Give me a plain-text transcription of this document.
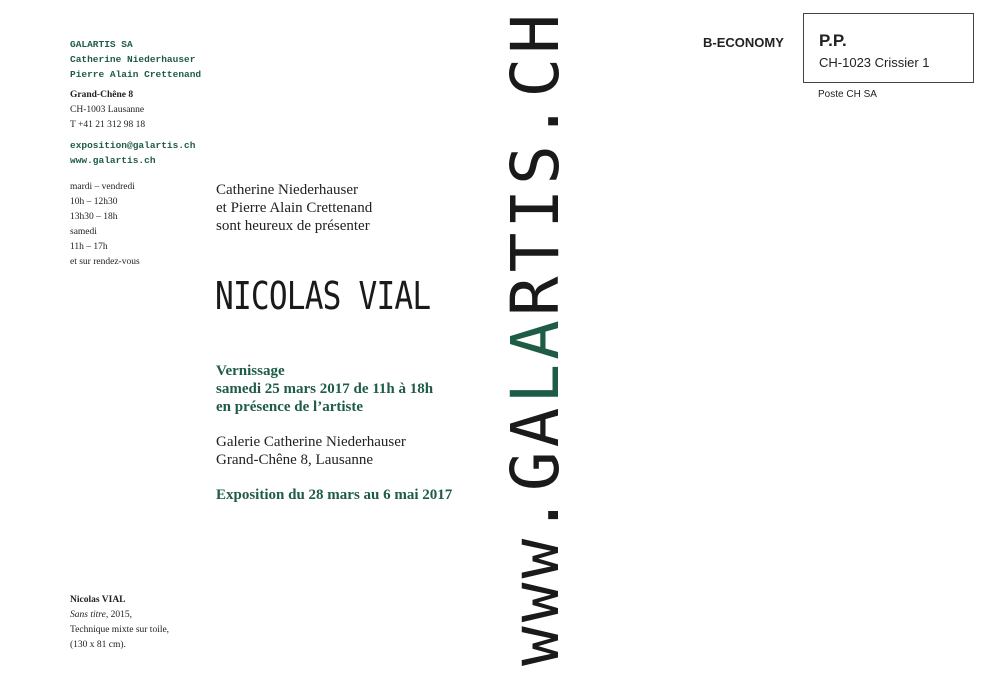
GALARTIS SA
Catherine Niederhauser
Pierre Alain Crettenand
Grand-Chêne 8
CH-1003 Lausanne
T +41 21 312 98 18
exposition@galartis.ch
www.galartis.ch
mardi – vendredi
10h – 12h30
13h30 – 18h
samedi
11h – 17h
et sur rendez-vous
Nicolas VIAL
Sans titre, 2015,
Technique mixte sur toile,
(130 x 81 cm).
Catherine Niederhauser
et Pierre Alain Crettenand
sont heureux de présenter
NICOLAS VIAL
Vernissage
samedi 25 mars 2017 de 11h à 18h
en présence de l’artiste
Galerie Catherine Niederhauser
Grand-Chêne 8, Lausanne
Exposition du 28 mars au 6 mai 2017 www.GALARTIS.CH	B-ECONOMY P.P.
CH-1023 Crissier 1
Poste CH SA
